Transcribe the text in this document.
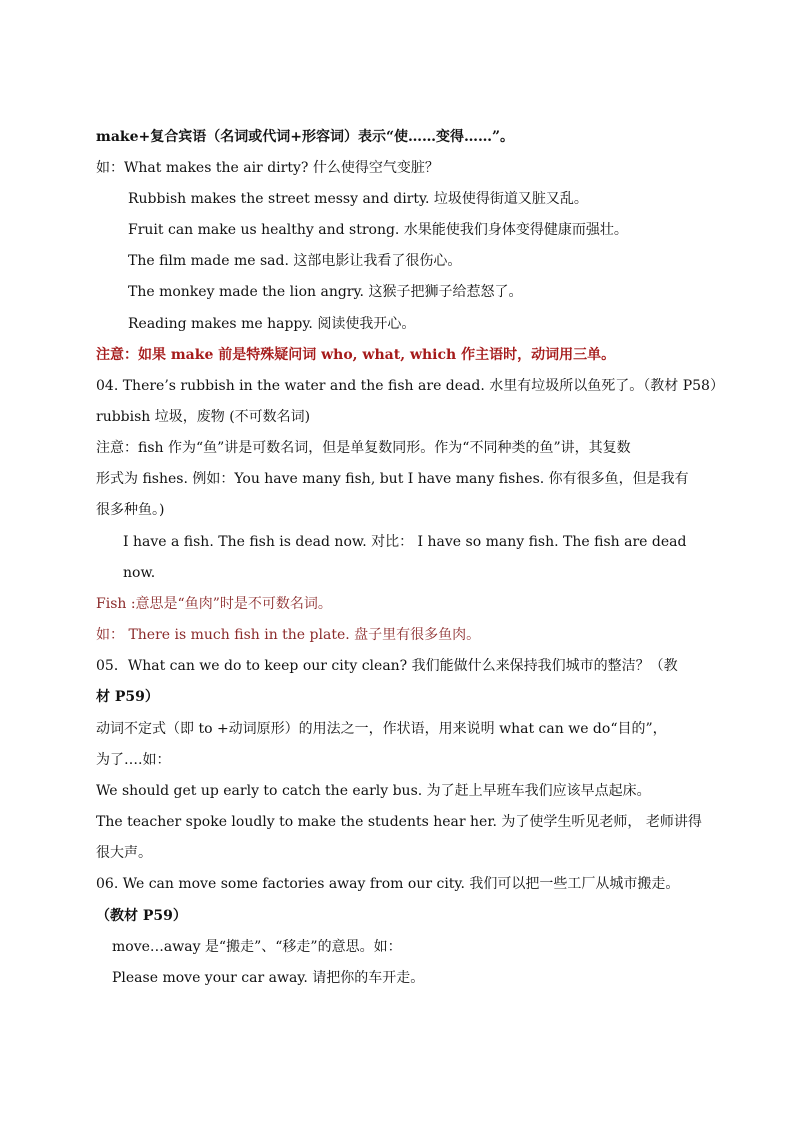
make+复合宾语（名词或代词+形容词）表示“使……变得……”。
如：What makes the air dirty? 什么使得空气变脏？
Rubbish makes the street messy and dirty. 垃圾使得街道又脏又乱。
Fruit can make us healthy and strong. 水果能使我们身体变得健康而强壮。
The film made me sad. 这部电影让我看了很伤心。
The monkey made the lion angry. 这猴子把狮子给惹怒了。
Reading makes me happy. 阅读使我开心。
注意：如果 make 前是特殊疑问词 who, what, which 作主语时，动词用三单。
04. There’s rubbish in the water and the fish are dead. 水里有垃圾所以鱼死了。（教材 P58）
rubbish 垃圾，废物 (不可数名词)
注意：fish 作为“鱼”讲是可数名词，但是单复数同形。作为“不同种类的鱼”讲，其复数
形式为 fishes. 例如：You have many fish, but I have many fishes. 你有很多鱼，但是我有
很多种鱼。)
I have a fish. The fish is dead now. 对比： I have so many fish. The fish are dead
now.
Fish :意思是“鱼肉”时是不可数名词。
如： There is much fish in the plate. 盘子里有很多鱼肉。
05．What can we do to keep our city clean? 我们能做什么来保持我们城市的整洁？（教
材 P59）
动词不定式（即 to +动词原形）的用法之一，作状语，用来说明 what can we do“目的”，
为了….如：
We should get up early to catch the early bus. 为了赶上早班车我们应该早点起床。
The teacher spoke loudly to make the students hear her. 为了使学生听见老师， 老师讲得
很大声。
06. We can move some factories away from our city. 我们可以把一些工厂从城市搬走。
（教材 P59）
move…away 是“搬走”、“移走”的意思。如：
Please move your car away. 请把你的车开走。
